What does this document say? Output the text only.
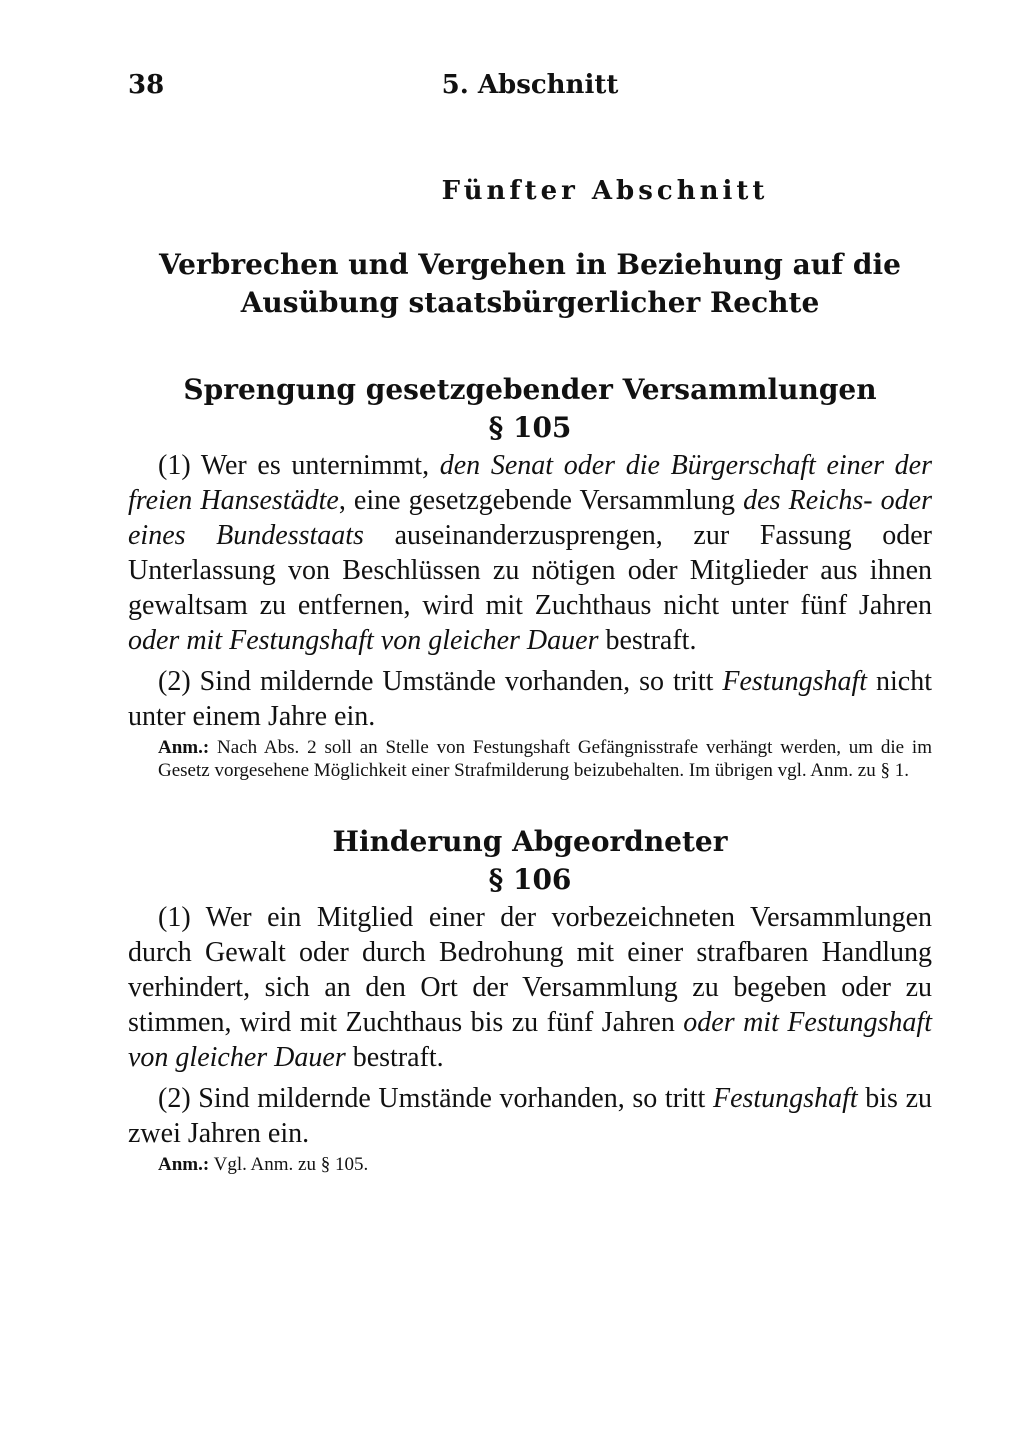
38	5. Abschnitt
Fünfter Abschnitt
Verbrechen und Vergehen in Beziehung auf die
Ausübung staatsbürgerlicher Rechte
Sprengung gesetzgebender Versammlungen
§ 105

(1) Wer es unternimmt, den Senat oder die Bürgerschaft einer der freien Hansestädte, eine gesetzgebende Versammlung des Reichs- oder eines Bundesstaats auseinanderzusprengen, zur Fassung oder Unterlassung von Beschlüssen zu nötigen oder Mitglieder aus ihnen gewaltsam zu entfernen, wird mit Zuchthaus nicht unter fünf Jahren oder mit Festungshaft von gleicher Dauer bestraft.

(2) Sind mildernde Umstände vorhanden, so tritt Festungshaft nicht unter einem Jahre ein.

Anm.: Nach Abs. 2 soll an Stelle von Festungshaft Gefängnisstrafe verhängt werden, um die im Gesetz vorgesehene Möglichkeit einer Strafmilderung beizubehalten. Im übrigen vgl. Anm. zu § 1.

Hinderung Abgeordneter
§ 106

(1) Wer ein Mitglied einer der vorbezeichneten Versammlungen durch Gewalt oder durch Bedrohung mit einer strafbaren Handlung verhindert, sich an den Ort der Versammlung zu begeben oder zu stimmen, wird mit Zuchthaus bis zu fünf Jahren oder mit Festungshaft von gleicher Dauer bestraft.

(2) Sind mildernde Umstände vorhanden, so tritt Festungshaft bis zu zwei Jahren ein.

Anm.: Vgl. Anm. zu § 105.
